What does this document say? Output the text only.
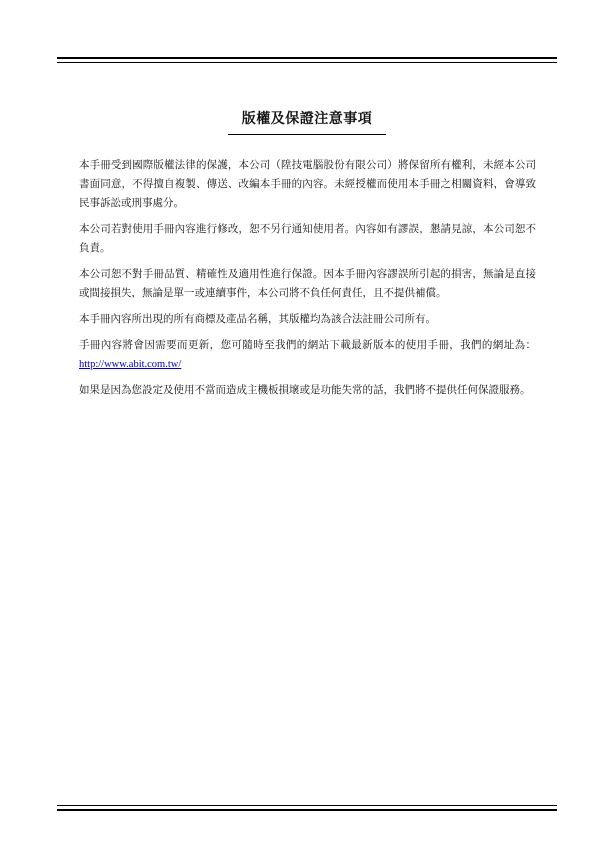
版權及保證注意事項

本手冊受到國際版權法律的保護，本公司（陞技電腦股份有限公司）將保留所有權利，未經本公司書面同意，不得擅自複製、傳送、改編本手冊的內容。未經授權而使用本手冊之相關資料，會導致民事訴訟或刑事處分。

本公司若對使用手冊內容進行修改，恕不另行通知使用者。內容如有謬誤，懇請見諒，本公司恕不負責。

本公司恕不對手冊品質、精確性及適用性進行保證。因本手冊內容謬誤所引起的損害，無論是直接或間接損失，無論是單一或連續事件，本公司將不負任何責任，且不提供補償。

本手冊內容所出現的所有商標及產品名稱，其版權均為該合法註冊公司所有。

手冊內容將會因需要而更新，您可隨時至我們的網站下載最新版本的使用手冊，我們的網址為：http://www.abit.com.tw/

如果是因為您設定及使用不當而造成主機板損壞或是功能失常的話，我們將不提供任何保證服務。
